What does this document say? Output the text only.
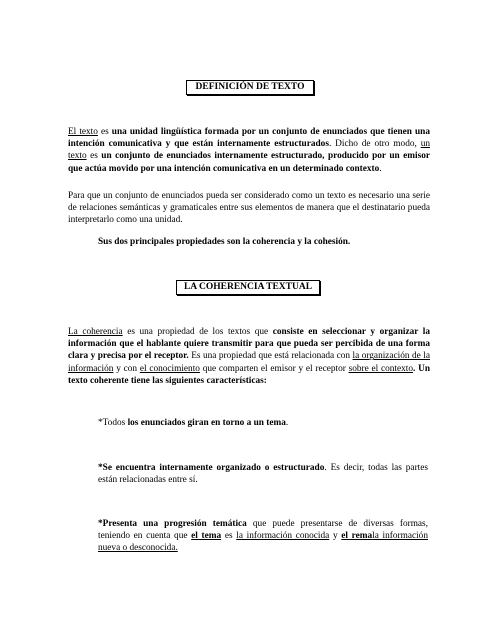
DEFINICIÓN DE TEXTO
El texto es una unidad lingüística formada por un conjunto de enunciados que tienen una intención comunicativa y que están internamente estructurados. Dicho de otro modo, un texto es un conjunto de enunciados internamente estructurado, producido por un emisor que actúa movido por una intención comunicativa en un determinado contexto.
Para que un conjunto de enunciados pueda ser considerado como un texto es necesario una serie de relaciones semánticas y gramaticales entre sus elementos de manera que el destinatario pueda interpretarlo como una unidad.
Sus dos principales propiedades son la coherencia y la cohesión.
LA COHERENCIA TEXTUAL
La coherencia es una propiedad de los textos que consiste en seleccionar y organizar la información que el hablante quiere transmitir para que pueda ser percibida de una forma clara y precisa por el receptor. Es una propiedad que está relacionada con la organización de la información y con el conocimiento que comparten el emisor y el receptor sobre el contexto. Un texto coherente tiene las siguientes características:
*Todos los enunciados giran en torno a un tema.
*Se encuentra internamente organizado o estructurado. Es decir, todas las partes están relacionadas entre sí.
*Presenta una progresión temática que puede presentarse de diversas formas, teniendo en cuenta que el tema es la información conocida y el remala información nueva o desconocida.
